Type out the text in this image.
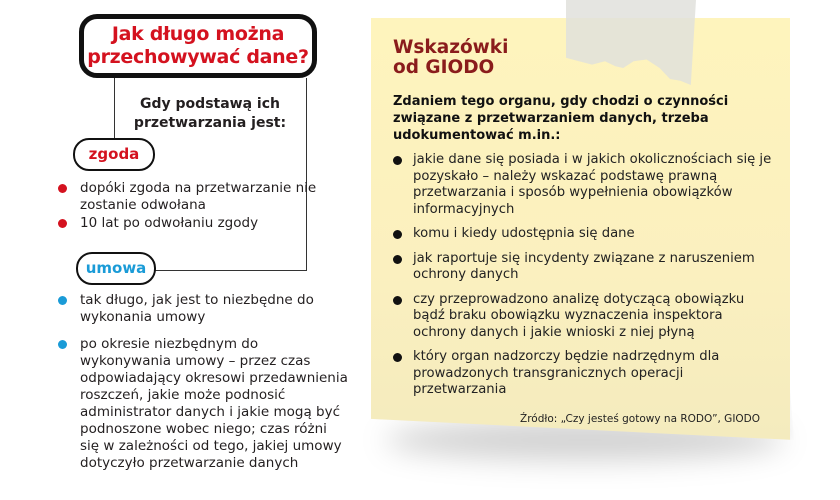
Jak długo można
przechowywać dane?
Gdy podstawą ich
przetwarzania jest:
zgoda
dopóki zgoda na przetwarzanie nie zostanie odwołana
10 lat po odwołaniu zgody
umowa
tak długo, jak jest to niezbędne do wykonania umowy
po okresie niezbędnym do wykonywania umowy – przez czas odpowiadający okresowi przedawnienia roszczeń, jakie może podnosić administrator danych i jakie mogą być podnoszone wobec niego; czas różni się w zależności od tego, jakiej umowy dotyczyło przetwarzanie danych
Wskazówki
od GIODO
Zdaniem tego organu, gdy chodzi o czynności związane z przetwarzaniem danych, trzeba udokumentować m.in.:
jakie dane się posiada i w jakich okolicznościach się je pozyskało – należy wskazać podstawę prawną przetwarzania i sposób wypełnienia obowiązków informacyjnych
komu i kiedy udostępnia się dane
jak raportuje się incydenty związane z naruszeniem ochrony danych
czy przeprowadzono analizę dotyczącą obowiązku bądź braku obowiązku wyznaczenia inspektora ochrony danych i jakie wnioski z niej płyną
który organ nadzorczy będzie nadrzędnym dla prowadzonych transgranicznych operacji przetwarzania
Źródło: „Czy jesteś gotowy na RODO”, GIODO
